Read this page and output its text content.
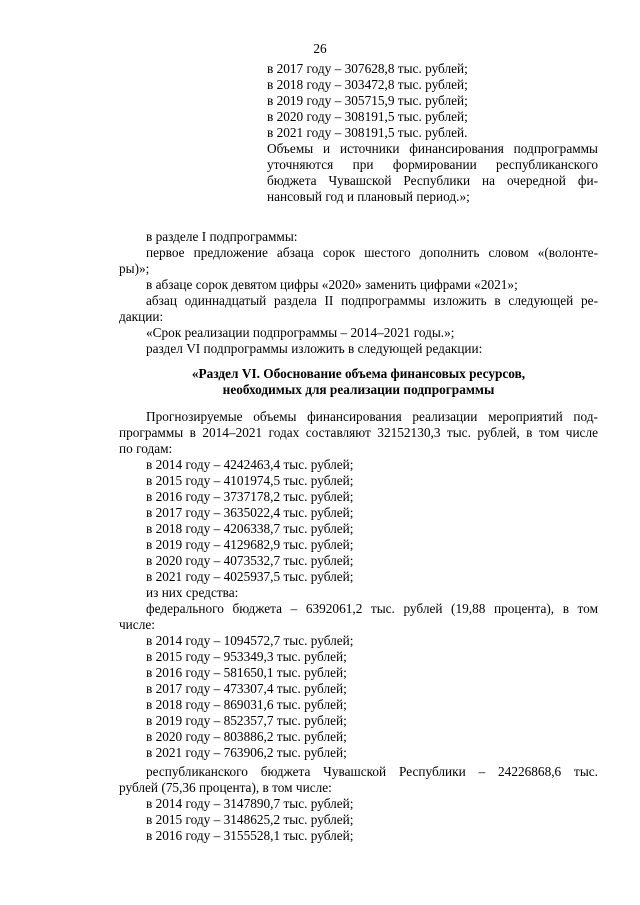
26
в 2017 году – 307628,8 тыс. рублей;
в 2018 году – 303472,8 тыс. рублей;
в 2019 году – 305715,9 тыс. рублей;
в 2020 году – 308191,5 тыс. рублей;
в 2021 году – 308191,5 тыс. рублей.
Объемы и источники финансирования подпрограммы
уточняются при формировании республиканского
бюджета Чувашской Республики на очередной фи-
нансовый год и плановый период.»;
в разделе I подпрограммы:
первое предложение абзаца сорок шестого дополнить словом «(волонте-
ры)»;
в абзаце сорок девятом цифры «2020» заменить цифрами «2021»;
абзац одиннадцатый раздела II подпрограммы изложить в следующей ре-
дакции:
«Срок реализации подпрограммы – 2014–2021 годы.»;
раздел VI подпрограммы изложить в следующей редакции:
«Раздел VI. Обоснование объема финансовых ресурсов,
необходимых для реализации подпрограммы
Прогнозируемые объемы финансирования реализации мероприятий под-
программы в 2014–2021 годах составляют 32152130,3 тыс. рублей, в том числе
по годам:
в 2014 году – 4242463,4 тыс. рублей;
в 2015 году – 4101974,5 тыс. рублей;
в 2016 году – 3737178,2 тыс. рублей;
в 2017 году – 3635022,4 тыс. рублей;
в 2018 году – 4206338,7 тыс. рублей;
в 2019 году – 4129682,9 тыс. рублей;
в 2020 году – 4073532,7 тыс. рублей;
в 2021 году – 4025937,5 тыс. рублей;
из них средства:
федерального бюджета – 6392061,2 тыс. рублей (19,88 процента), в том
числе:
в 2014 году – 1094572,7 тыс. рублей;
в 2015 году – 953349,3 тыс. рублей;
в 2016 году – 581650,1 тыс. рублей;
в 2017 году – 473307,4 тыс. рублей;
в 2018 году – 869031,6 тыс. рублей;
в 2019 году – 852357,7 тыс. рублей;
в 2020 году – 803886,2 тыс. рублей;
в 2021 году – 763906,2 тыс. рублей;
республиканского бюджета Чувашской Республики – 24226868,6 тыс.
рублей (75,36 процента), в том числе:
в 2014 году – 3147890,7 тыс. рублей;
в 2015 году – 3148625,2 тыс. рублей;
в 2016 году – 3155528,1 тыс. рублей;
